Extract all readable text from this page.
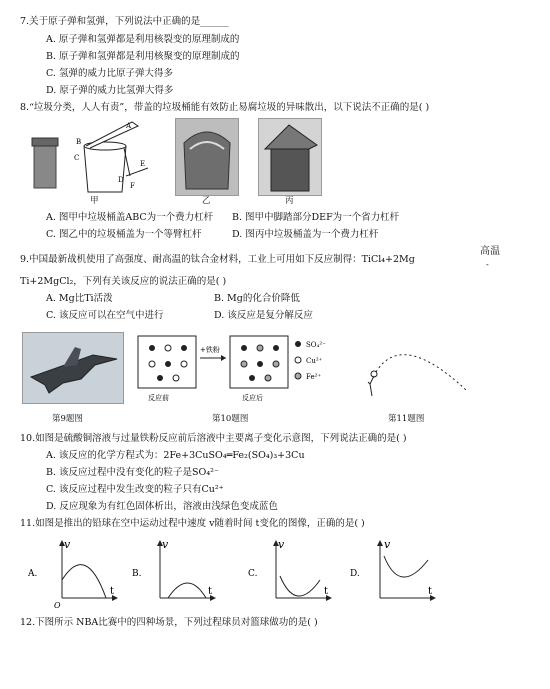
7.关于原子弹和氢弹，下列说法中正确的是______
A. 原子弹和氢弹都是利用核裂变的原理制成的
B. 原子弹和氢弹都是利用核聚变的原理制成的
C. 氢弹的威力比原子弹大得多
D. 原子弹的威力比氢弹大得多
8.“垃圾分类，人人有责”，带盖的垃圾桶能有效防止易腐垃圾的异味散出，以下说法不正确的是( )
A
B
C
D
E
F
甲	乙	丙
A. 图甲中垃圾桶盖ABC为一个费力杠杆 B. 图甲中脚踏部分DEF为一个省力杠杆
C. 图乙中的垃圾桶盖为一个等臂杠杆	D. 图丙中垃圾桶盖为一个费力杠杆
9.中国最新战机使用了高强度、耐高温的钛合金材料，工业上可用如下反应制得：TiCl₄+2Mg
高温
-
Ti+2MgCl₂，下列有关该反应的说法正确的是( )
A. Mg比Ti活泼	B. Mg的化合价降低
C. 该反应可以在空气中进行	D. 该反应是复分解反应
第9题图
反应前
+铁粉
反应后
SO₄²⁻
Cu²⁺
Fe²⁺
第10题图	第11题图
10.如图是硫酸铜溶液与过量铁粉反应前后溶液中主要离子变化示意图，下列说法正确的是( )
A. 该反应的化学方程式为：2Fe+3CuSO₄═Fe₂(SO₄)₃+3Cu
B. 该反应过程中没有变化的粒子是SO₄²⁻
C. 该反应过程中发生改变的粒子只有Cu²⁺
D. 反应现象为有红色固体析出，溶液由浅绿色变成蓝色
11.如图是推出的铅球在空中运动过程中速度 v随着时间 t变化的图像，正确的是( )
A.
v
t
O
B.
v
t
C.
v
t
D.
v
t
12.下图所示 NBA比赛中的四种场景，下列过程球员对篮球做功的是( )
